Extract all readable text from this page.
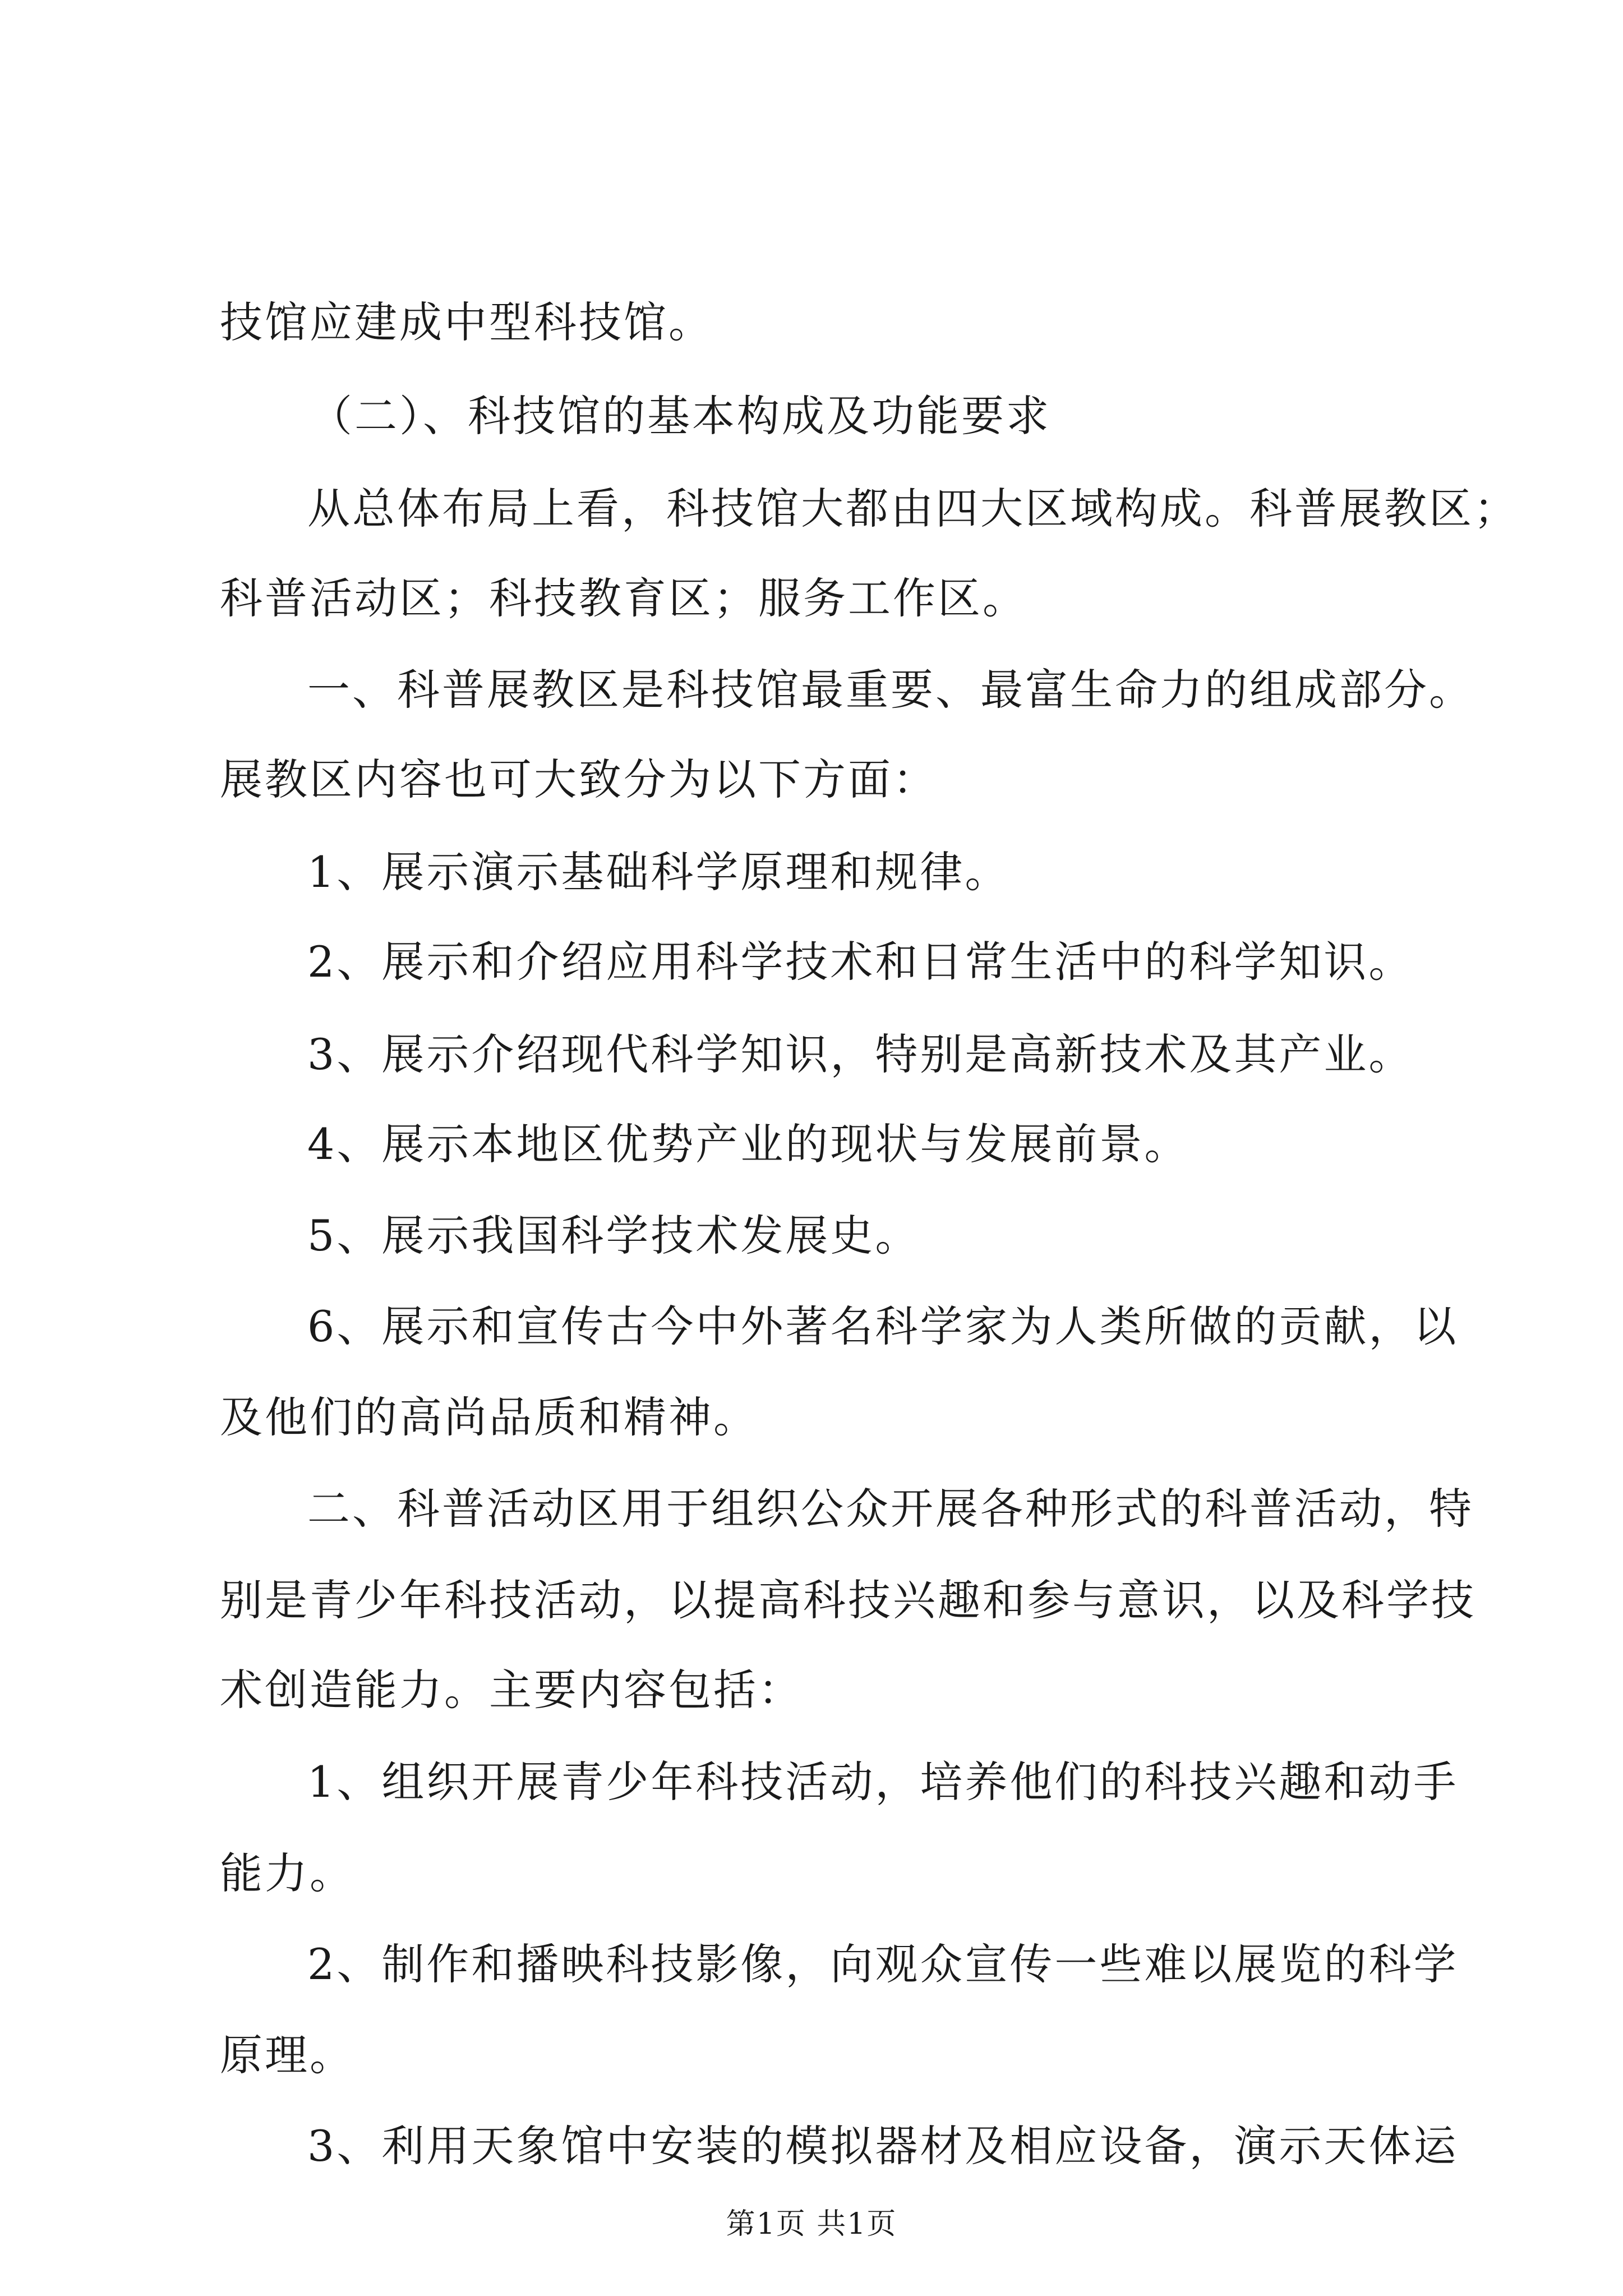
技馆应建成中型科技馆。
（二）、科技馆的基本构成及功能要求
从总体布局上看，科技馆大都由四大区域构成。科普展教区；
科普活动区；科技教育区；服务工作区。
一、科普展教区是科技馆最重要、最富生命力的组成部分。
展教区内容也可大致分为以下方面：
1、展示演示基础科学原理和规律。
2、展示和介绍应用科学技术和日常生活中的科学知识。
3、展示介绍现代科学知识，特别是高新技术及其产业。
4、展示本地区优势产业的现状与发展前景。
5、展示我国科学技术发展史。
6、展示和宣传古今中外著名科学家为人类所做的贡献，以
及他们的高尚品质和精神。
二、科普活动区用于组织公众开展各种形式的科普活动，特
别是青少年科技活动，以提高科技兴趣和参与意识，以及科学技
术创造能力。主要内容包括：
1、组织开展青少年科技活动，培养他们的科技兴趣和动手
能力。
2、制作和播映科技影像，向观众宣传一些难以展览的科学
原理。
3、利用天象馆中安装的模拟器材及相应设备，演示天体运
第1页 共1页
